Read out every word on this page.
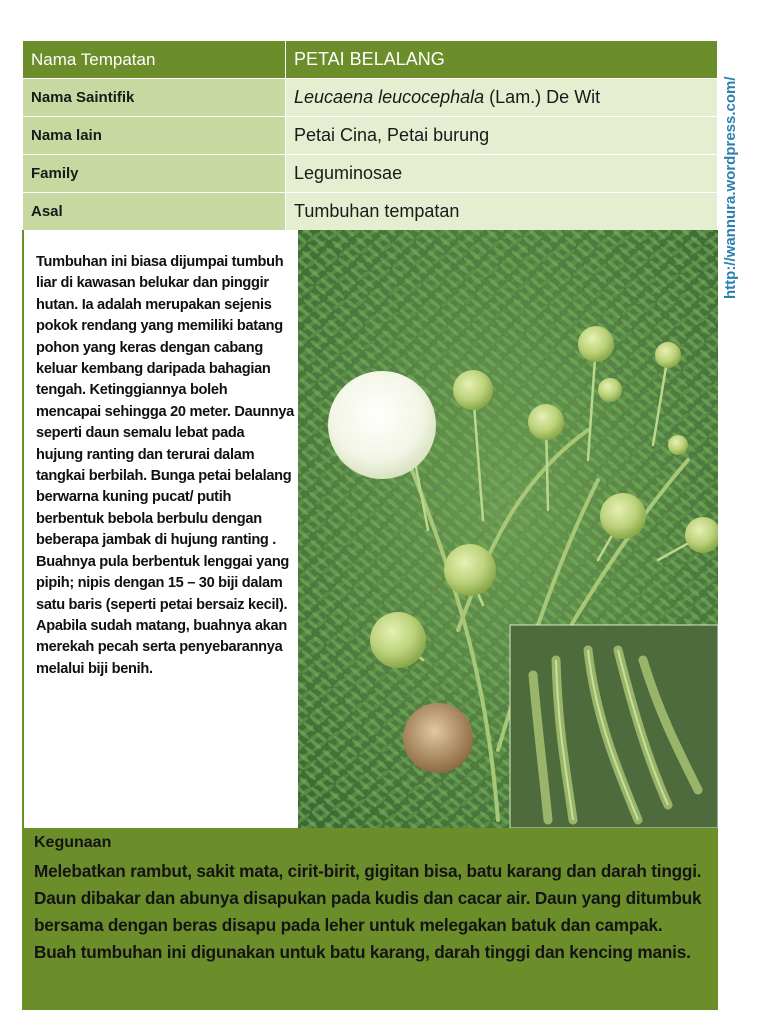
Nama Tempatan	PETAI BELALANG
Nama Saintifik	Leucaena leucocephala (Lam.) De Wit
Nama lain	Petai Cina, Petai burung
Family	Leguminosae
Asal	Tumbuhan tempatan
Tumbuhan ini biasa dijumpai tumbuh liar di kawasan belukar dan pinggir hutan. Ia adalah merupakan sejenis pokok rendang yang memiliki batang pohon yang keras dengan cabang keluar kembang daripada bahagian tengah. Ketinggiannya boleh mencapai sehingga 20 meter. Daunnya seperti daun semalu lebat pada hujung ranting dan terurai dalam tangkai berbilah. Bunga petai belalang berwarna kuning pucat/ putih berbentuk bebola berbulu dengan beberapa jambak di hujung ranting . Buahnya pula berbentuk lenggai yang pipih; nipis dengan 15 – 30 biji dalam satu baris (seperti petai bersaiz kecil). Apabila sudah matang, buahnya akan merekah pecah serta penyebarannya melalui biji benih.
Kegunaan
Melebatkan rambut, sakit mata, cirit-birit, gigitan bisa, batu karang dan darah tinggi. Daun dibakar dan abunya disapukan pada kudis dan cacar air. Daun yang ditumbuk bersama dengan beras disapu pada leher untuk melegakan batuk dan campak. Buah tumbuhan ini digunakan untuk batu karang, darah tinggi dan kencing manis.
http://wannura.wordpress.com/
